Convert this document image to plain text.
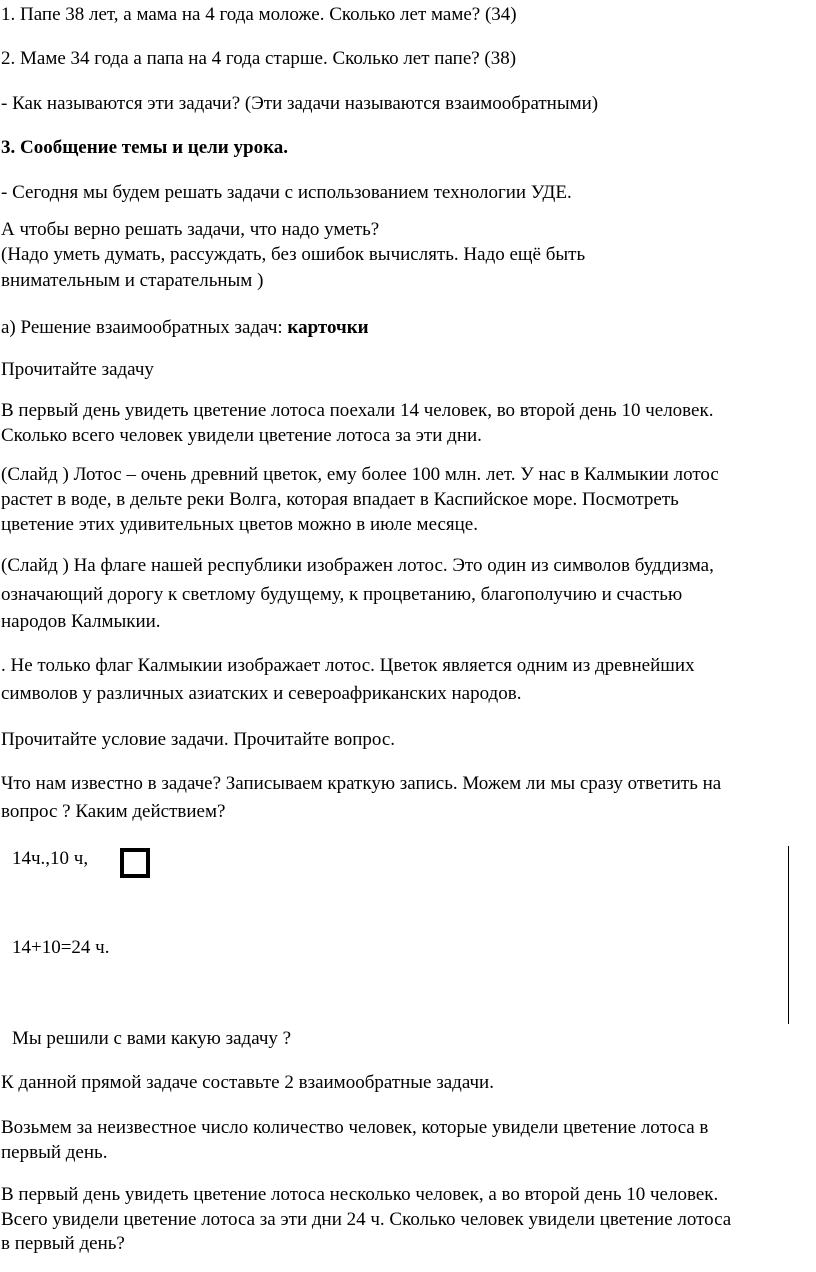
1. Папе 38 лет, а мама на 4 года моложе. Сколько лет маме? (34)
2. Маме 34 года а папа на 4 года старше. Сколько лет папе? (38)
- Как называются эти задачи? (Эти задачи называются взаимообратными)
3. Сообщение темы и цели урока.
- Сегодня мы будем решать задачи с использованием технологии УДЕ.
А чтобы верно решать задачи, что надо уметь?
(Надо уметь думать, рассуждать, без ошибок вычислять. Надо ещё быть
внимательным и старательным )
а) Решение взаимообратных задач: карточки
Прочитайте задачу
В первый день увидеть цветение лотоса поехали 14 человек, во второй день 10 человек.
Сколько всего человек увидели цветение лотоса за эти дни.
(Слайд ) Лотос – очень древний цветок, ему более 100 млн. лет. У нас в Калмыкии лотос
растет в воде, в дельте реки Волга, которая впадает в Каспийское море. Посмотреть
цветение этих удивительных цветов можно в июле месяце.
(Слайд ) На флаге нашей республики изображен лотос. Это один из символов буддизма,
означающий дорогу к светлому будущему, к процветанию, благополучию и счастью
народов Калмыкии.
. Не только флаг Калмыкии изображает лотос. Цветок является одним из древнейших
символов у различных азиатских и североафриканских народов.
Прочитайте условие задачи. Прочитайте вопрос.
Что нам известно в задаче? Записываем краткую запись. Можем ли мы сразу ответить на
вопрос ? Каким действием?
14ч.,10 ч,
14+10=24 ч.
Мы решили с вами какую задачу ?
К данной прямой задаче составьте 2 взаимообратные задачи.
Возьмем за неизвестное число количество человек, которые увидели цветение лотоса в
первый день.
В первый день увидеть цветение лотоса несколько человек, а во второй день 10 человек.
Всего увидели цветение лотоса за эти дни 24 ч. Сколько человек увидели цветение лотоса
в первый день?
